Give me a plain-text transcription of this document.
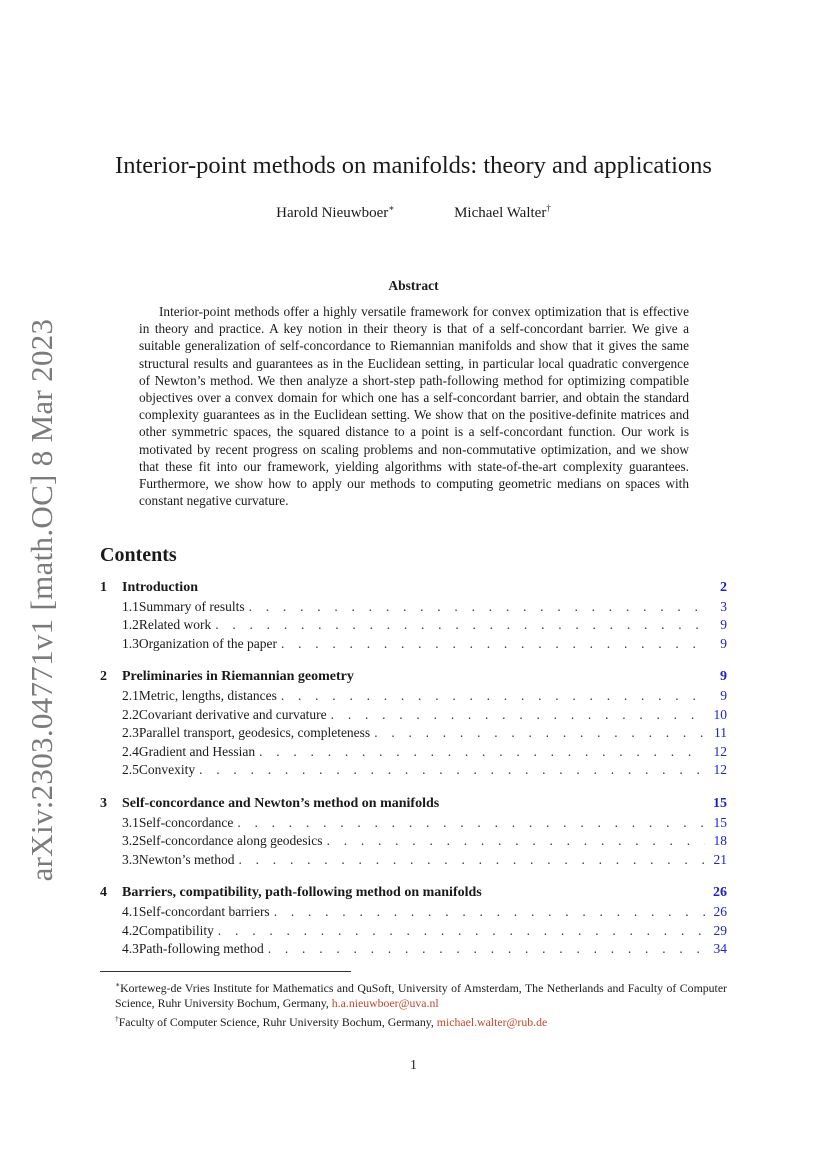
arXiv:2303.04771v1 [math.OC] 8 Mar 2023
Interior-point methods on manifolds: theory and applications
Harold Nieuwboer∗	Michael Walter†
Abstract

Interior-point methods offer a highly versatile framework for convex optimization that is effective in theory and practice. A key notion in their theory is that of a self-concordant barrier. We give a suitable generalization of self-concordance to Riemannian manifolds and show that it gives the same structural results and guarantees as in the Euclidean setting, in particular local quadratic convergence of Newton’s method. We then analyze a short-step path-following method for optimizing compatible objectives over a convex domain for which one has a self-concordant barrier, and obtain the standard complexity guarantees as in the Euclidean setting. We show that on the positive-definite matrices and other symmetric spaces, the squared distance to a point is a self-concordant function. Our work is motivated by recent progress on scaling problems and non-commutative optimization, and we show that these fit into our framework, yielding algorithms with state-of-the-art complexity guarantees. Furthermore, we show how to apply our methods to computing geometric medians on spaces with constant negative curvature.

Contents
1	Introduction	2
1.1 Summary of results . . .	3
1.2 Related work . . .	9
1.3 Organization of the paper . . .	9
2	Preliminaries in Riemannian geometry	9
2.1 Metric, lengths, distances . . .	9
2.2 Covariant derivative and curvature . . .	10
2.3 Parallel transport, geodesics, completeness . . .	11
2.4 Gradient and Hessian . . .	12
2.5 Convexity . . .	12
3	Self-concordance and Newton’s method on manifolds	15
3.1 Self-concordance . . .	15
3.2 Self-concordance along geodesics . . .	18
3.3 Newton’s method . . .	21
4	Barriers, compatibility, path-following method on manifolds	26
4.1 Self-concordant barriers . . .	26
4.2 Compatibility . . .	29
4.3 Path-following method . . .	34

∗Korteweg-de Vries Institute for Mathematics and QuSoft, University of Amsterdam, The Netherlands and Faculty of Computer Science, Ruhr University Bochum, Germany, h.a.nieuwboer@uva.nl

†Faculty of Computer Science, Ruhr University Bochum, Germany, michael.walter@rub.de

1
